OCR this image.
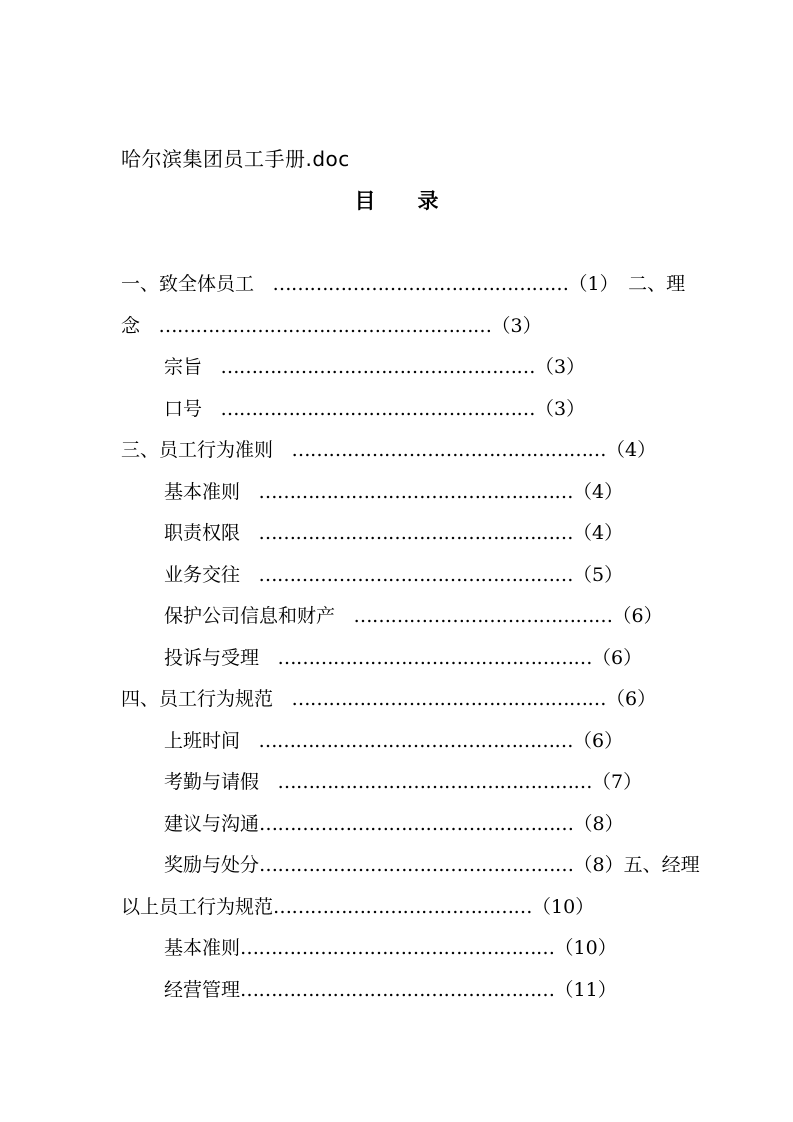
哈尔滨集团员工手册.doc
目 录
一、致全体员工　…………………………………………（1）　二、理
念　………………………………………………（3）
宗旨　……………………………………………（3）
口号　……………………………………………（3）
三、员工行为准则　……………………………………………（4）
基本准则　……………………………………………（4）
职责权限　……………………………………………（4）
业务交往　……………………………………………（5）
保护公司信息和财产　……………………………………（6）
投诉与受理　……………………………………………（6）
四、员工行为规范　……………………………………………（6）
上班时间　……………………………………………（6）
考勤与请假　……………………………………………（7）
建议与沟通……………………………………………（8）
奖励与处分……………………………………………（8）五、经理
以上员工行为规范……………………………………（10）
基本准则……………………………………………（10）
经营管理……………………………………………（11）
